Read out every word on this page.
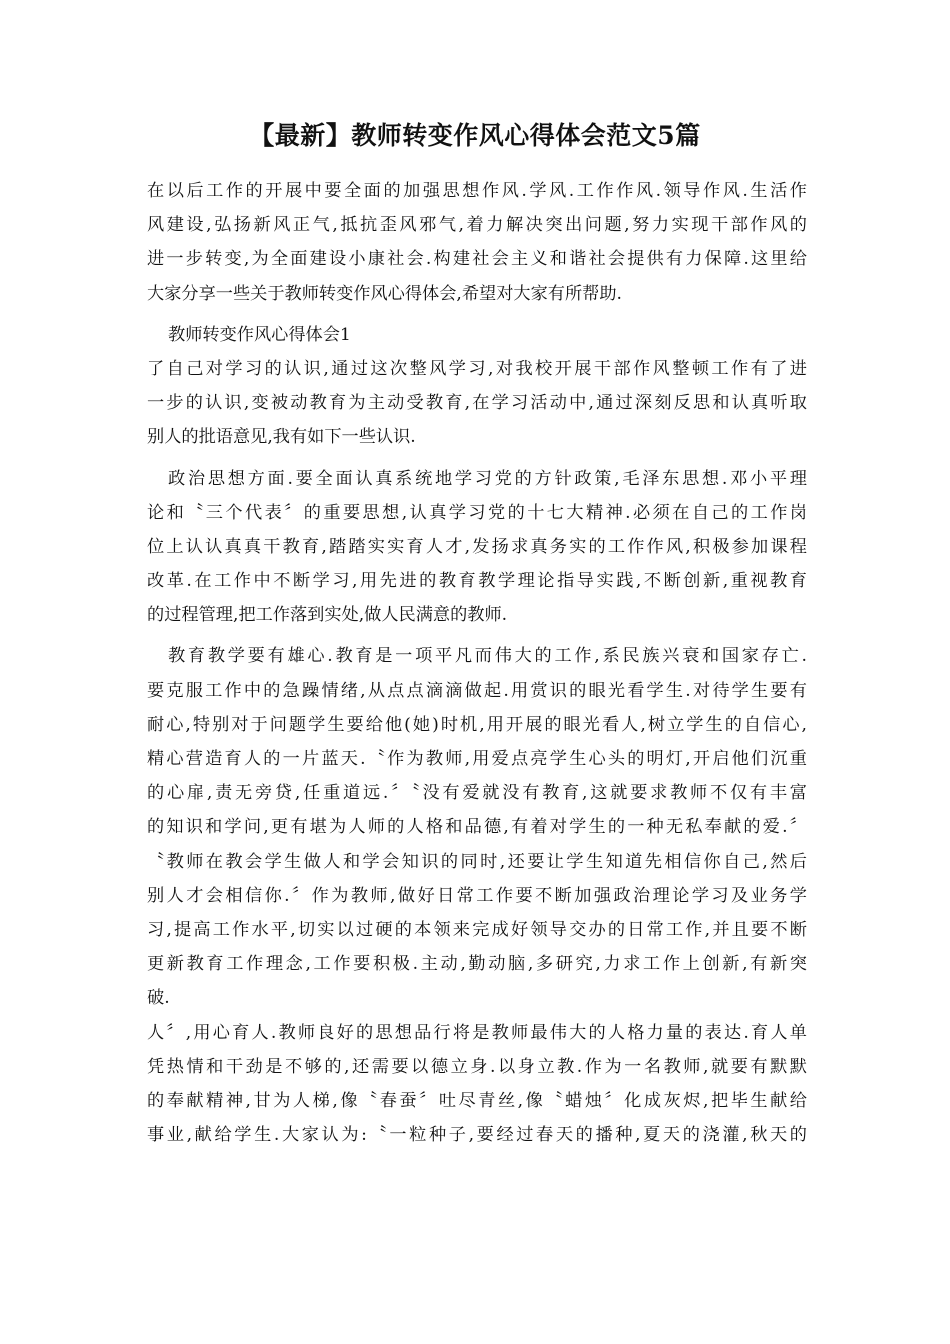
【最新】教师转变作风心得体会范文5篇
在以后工作的开展中要全面的加强思想作风.学风.工作作风.领导作风.生活作
风建设,弘扬新风正气,抵抗歪风邪气,着力解决突出问题,努力实现干部作风的
进一步转变,为全面建设小康社会.构建社会主义和谐社会提供有力保障.这里给
大家分享一些关于教师转变作风心得体会,希望对大家有所帮助.
教师转变作风心得体会1
了自己对学习的认识,通过这次整风学习,对我校开展干部作风整顿工作有了进
一步的认识,变被动教育为主动受教育,在学习活动中,通过深刻反思和认真听取
别人的批语意见,我有如下一些认识.
政治思想方面.要全面认真系统地学习党的方针政策,毛泽东思想.邓小平理
论和〝三个代表〞的重要思想,认真学习党的十七大精神.必须在自己的工作岗
位上认认真真干教育,踏踏实实育人才,发扬求真务实的工作作风,积极参加课程
改革.在工作中不断学习,用先进的教育教学理论指导实践,不断创新,重视教育
的过程管理,把工作落到实处,做人民满意的教师.
教育教学要有雄心.教育是一项平凡而伟大的工作,系民族兴衰和国家存亡.
要克服工作中的急躁情绪,从点点滴滴做起.用赏识的眼光看学生.对待学生要有
耐心,特别对于问题学生要给他(她)时机,用开展的眼光看人,树立学生的自信心,
精心营造育人的一片蓝天.〝作为教师,用爱点亮学生心头的明灯,开启他们沉重
的心扉,责无旁贷,任重道远.〞〝没有爱就没有教育,这就要求教师不仅有丰富
的知识和学问,更有堪为人师的人格和品德,有着对学生的一种无私奉献的爱.〞
〝教师在教会学生做人和学会知识的同时,还要让学生知道先相信你自己,然后
别人才会相信你.〞作为教师,做好日常工作要不断加强政治理论学习及业务学
习,提高工作水平,切实以过硬的本领来完成好领导交办的日常工作,并且要不断
更新教育工作理念,工作要积极.主动,勤动脑,多研究,力求工作上创新,有新突
破.
人〞,用心育人.教师良好的思想品行将是教师最伟大的人格力量的表达.育人单
凭热情和干劲是不够的,还需要以德立身.以身立教.作为一名教师,就要有默默
的奉献精神,甘为人梯,像〝春蚕〞吐尽青丝,像〝蜡烛〞化成灰烬,把毕生献给
事业,献给学生.大家认为:〝一粒种子,要经过春天的播种,夏天的浇灌,秋天的
